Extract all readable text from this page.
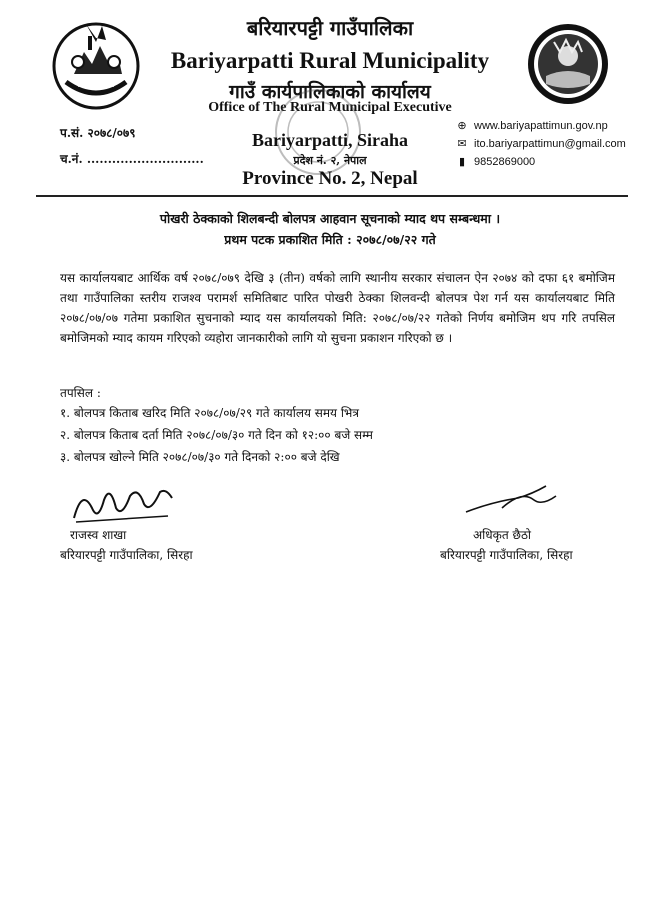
बरियारपट्टी गाउँपालिका
Bariyarpatti Rural Municipality
गाउँ कार्यपालिकाको कार्यालय
Office of The Rural Municipal Executive
Bariyarpatti, Siraha
प्रदेश नं. २, नेपाल
Province No. 2, Nepal
प.सं. २०७८/०७९
च.नं. ............................
⊕ www.bariyapattimun.gov.np
✉ ito.bariyarpattimun@gmail.com
▮ 9852869000
पोखरी ठेक्काको शिलबन्दी बोलपत्र आहवान सूचनाको म्याद थप सम्बन्धमा ।
प्रथम पटक प्रकाशित मिति : २०७८/०७/२२ गते
यस कार्यालयबाट आर्थिक वर्ष २०७८/०७९ देखि ३ (तीन) वर्षको लागि स्थानीय सरकार संचालन ऐन २०७४ को दफा ६१ बमोजिम तथा गाउँपालिका स्तरीय राजश्व परामर्श समितिबाट पारित पोखरी ठेक्का शिलवन्दी बोलपत्र पेश गर्न यस कार्यालयबाट मिति २०७८/०७/०७ गतेमा प्रकाशित सुचनाको म्याद यस कार्यालयको मिति: २०७८/०७/२२ गतेको निर्णय बमोजिम थप गरि तपसिल बमोजिमको म्याद कायम गरिएको व्यहोरा जानकारीको लागि यो सुचना प्रकाशन गरिएको छ ।
तपसिल :
१. बोलपत्र किताब खरिद मिति २०७८/०७/२९ गते कार्यालय समय भित्र
२. बोलपत्र किताब दर्ता मिति २०७८/०७/३० गते दिन को १२:०० बजे सम्म
३. बोलपत्र खोल्ने मिति २०७८/०७/३० गते दिनको २:०० बजे देखि
राजस्व शाखा
बरियारपट्टी गाउँपालिका, सिरहा
अधिकृत छैठो
बरियारपट्टी गाउँपालिका, सिरहा
